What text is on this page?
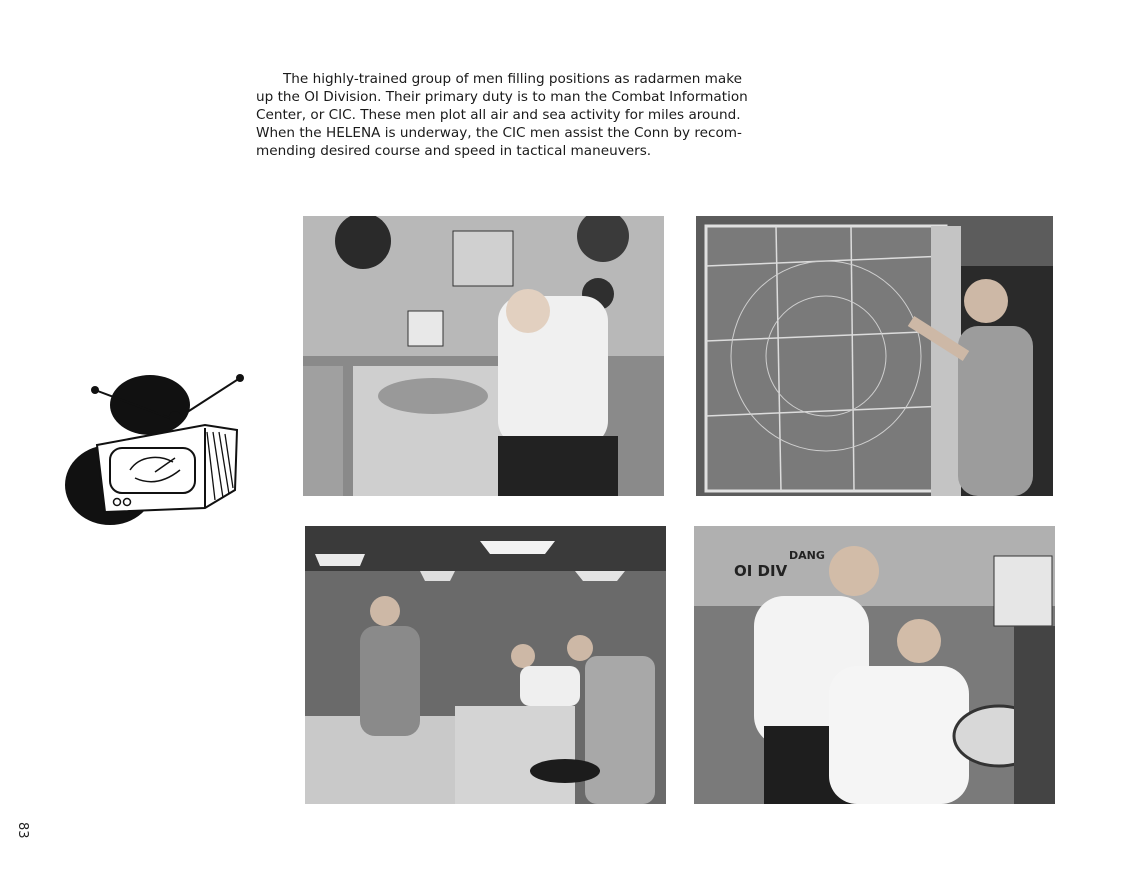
The highly-trained group of men filling positions as radarmen make
up the OI Division. Their primary duty is to man the Combat Information
Center, or CIC. These men plot all air and sea activity for miles around.
When the HELENA is underway, the CIC men assist the Conn by recom-
mending desired course and speed in tactical maneuvers.
OI DIV
DANG
83
